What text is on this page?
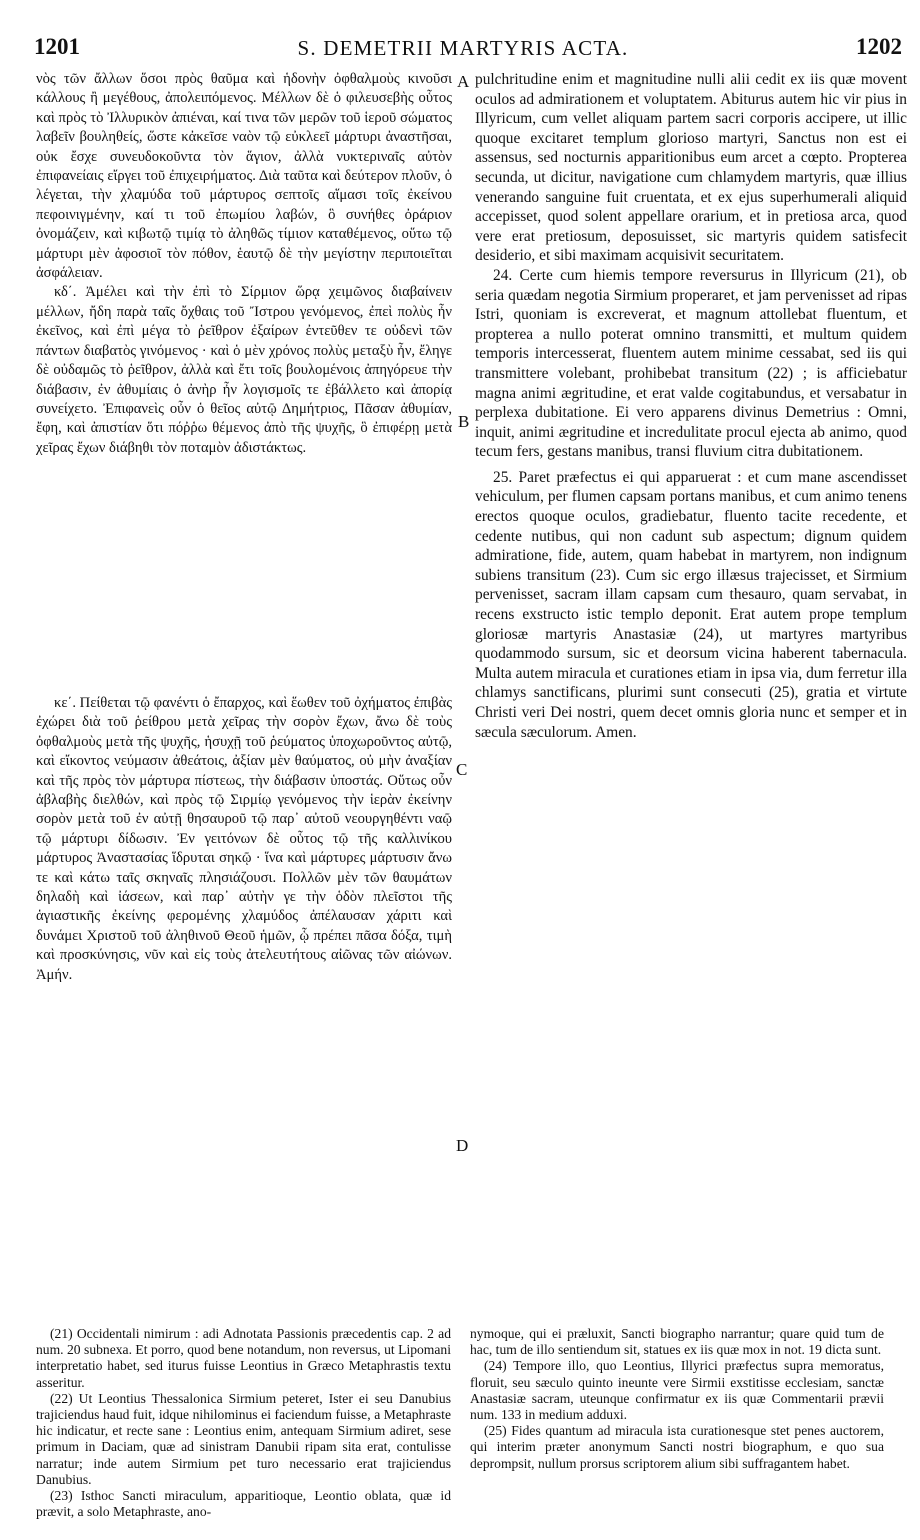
1201	S. DEMETRII MARTYRIS ACTA.	1202

νὸς τῶν ἄλλων ὅσοι πρὸς θαῦμα καὶ ἡδονὴν ὀφθαλμοὺς κινοῦσι κάλλους ἢ μεγέθους, ἀπολειπόμενος. Μέλλων δὲ ὁ φιλευσεβὴς οὗτος καὶ πρὸς τὸ Ἰλλυρικὸν ἀπιέναι, καί τινα τῶν μερῶν τοῦ ἱεροῦ σώματος λαβεῖν βουληθείς, ὥστε κἀκεῖσε ναὸν τῷ εὐκλεεῖ μάρτυρι ἀναστῆσαι, οὐκ ἔσχε συνευδοκοῦντα τὸν ἅγιον, ἀλλὰ νυκτεριναῖς αὐτὸν ἐπιφανείαις εἴργει τοῦ ἐπιχειρήματος. Διὰ ταῦτα καὶ δεύτερον πλοῦν, ὁ λέγεται, τὴν χλαμύδα τοῦ μάρτυρος σεπτοῖς αἵμασι τοῖς ἐκείνου πεφοινιγμένην, καί τι τοῦ ἐπωμίου λαβών, ὃ συνήθες ὀράριον ὀνομάζειν, καὶ κιβωτῷ τιμίᾳ τὸ ἀληθῶς τίμιον καταθέμενος, οὕτω τῷ μάρτυρι μὲν ἀφοσιοῖ τὸν πόθον, ἑαυτῷ δὲ τὴν μεγίστην περιποιεῖται ἀσφάλειαν.

κδ΄. Ἀμέλει καὶ τὴν ἐπὶ τὸ Σίρμιον ὥρᾳ χειμῶνος διαβαίνειν μέλλων, ἤδη παρὰ ταῖς ὄχθαις τοῦ Ἴστρου γενόμενος, ἐπεὶ πολὺς ἦν ἐκεῖνος, καὶ ἐπὶ μέγα τὸ ῥεῖθρον ἐξαίρων ἐντεῦθεν τε οὐδενὶ τῶν πάντων διαβατὸς γινόμενος · καὶ ὁ μὲν χρόνος πολὺς μεταξὺ ἦν, ἔληγε δὲ οὐδαμῶς τὸ ῥεῖθρον, ἀλλὰ καὶ ἔτι τοῖς βουλομένοις ἀπηγόρευε τὴν διάβασιν, ἐν ἀθυμίαις ὁ ἀνὴρ ἦν λογισμοῖς τε ἐβάλλετο καὶ ἀπορίᾳ συνείχετο. Ἐπιφανεὶς οὖν ὁ θεῖος αὐτῷ Δημήτριος, Πᾶσαν ἀθυμίαν, ἔφη, καὶ ἀπιστίαν ὅτι πόῤῥω θέμενος ἀπὸ τῆς ψυχῆς, ὃ ἐπιφέρῃ μετὰ χεῖρας ἔχων διάβηθι τὸν ποταμὸν ἀδιστάκτως.

κε΄. Πείθεται τῷ φανέντι ὁ ἔπαρχος, καὶ ἕωθεν τοῦ ὀχήματος ἐπιβὰς ἐχώρει διὰ τοῦ ῥείθρου μετὰ χεῖρας τὴν σορὸν ἔχων, ἄνω δὲ τοὺς ὀφθαλμοὺς μετὰ τῆς ψυχῆς, ἡσυχῇ τοῦ ῥεύματος ὑποχωροῦντος αὐτῷ, καὶ εἴκοντος νεύμασιν ἀθεάτοις, ἀξίαν μὲν θαύματος, οὐ μὴν ἀναξίαν καὶ τῆς πρὸς τὸν μάρτυρα πίστεως, τὴν διάβασιν ὑποστάς. Οὕτως οὖν ἀβλαβὴς διελθών, καὶ πρὸς τῷ Σιρμίῳ γενόμενος τὴν ἱερὰν ἐκείνην σορὸν μετὰ τοῦ ἐν αὐτῇ θησαυροῦ τῷ παρ᾽ αὐτοῦ νεουργηθέντι ναῷ τῷ μάρτυρι δίδωσιν. Ἐν γειτόνων δὲ οὗτος τῷ τῆς καλλινίκου μάρτυρος Ἀναστασίας ἵδρυται σηκῷ · ἵνα καὶ μάρτυρες μάρτυσιν ἄνω τε καὶ κάτω ταῖς σκηναῖς πλησιάζουσι. Πολλῶν μὲν τῶν θαυμάτων δηλαδὴ καὶ ἰάσεων, καὶ παρ᾽ αὐτὴν γε τὴν ὁδὸν πλεῖστοι τῆς ἁγιαστικῆς ἐκείνης φερομένης χλαμύδος ἀπέλαυσαν χάριτι καὶ δυνάμει Χριστοῦ τοῦ ἀληθινοῦ Θεοῦ ἡμῶν, ᾧ πρέπει πᾶσα δόξα, τιμὴ καὶ προσκύνησις, νῦν καὶ εἰς τοὺς ἀτελευτήτους αἰῶνας τῶν αἰώνων. Ἀμήν.

A
B
C
D

pulchritudine enim et magnitudine nulli alii cedit ex iis quæ movent oculos ad admirationem et voluptatem. Abiturus autem hic vir pius in Illyricum, cum vellet aliquam partem sacri corporis accipere, ut illic quoque excitaret templum glorioso martyri, Sanctus non est ei assensus, sed nocturnis apparitionibus eum arcet a cœpto. Propterea secunda, ut dicitur, navigatione cum chlamydem martyris, quæ illius venerando sanguine fuit cruentata, et ex ejus superhumerali aliquid accepisset, quod solent appellare orarium, et in pretiosa arca, quod vere erat pretiosum, deposuisset, sic martyris quidem satisfecit desiderio, et sibi maximam acquisivit securitatem.

24. Certe cum hiemis tempore reversurus in Illyricum (21), ob seria quædam negotia Sirmium properaret, et jam pervenisset ad ripas Istri, quoniam is excreverat, et magnum attollebat fluentum, et propterea a nullo poterat omnino transmitti, et multum quidem temporis intercesserat, fluentem autem minime cessabat, sed iis qui transmittere volebant, prohibebat transitum (22) ; is afficiebatur magna animi ægritudine, et erat valde cogitabundus, et versabatur in perplexa dubitatione. Ei vero apparens divinus Demetrius : Omni, inquit, animi ægritudine et incredulitate procul ejecta ab animo, quod tecum fers, gestans manibus, transi fluvium citra dubitationem.

25. Paret præfectus ei qui apparuerat : et cum mane ascendisset vehiculum, per flumen capsam portans manibus, et cum animo tenens erectos quoque oculos, gradiebatur, fluento tacite recedente, et cedente nutibus, qui non cadunt sub aspectum; dignum quidem admiratione, fide, autem, quam habebat in martyrem, non indignum subiens transitum (23). Cum sic ergo illæsus trajecisset, et Sirmium pervenisset, sacram illam capsam cum thesauro, quam servabat, in recens exstructo istic templo deponit. Erat autem prope templum gloriosæ martyris Anastasiæ (24), ut martyres martyribus quodammodo sursum, sic et deorsum vicina haberent tabernacula. Multa autem miracula et curationes etiam in ipsa via, dum ferretur illa chlamys sanctificans, plurimi sunt consecuti (25), gratia et virtute Christi veri Dei nostri, quem decet omnis gloria nunc et semper et in sæcula sæculorum. Amen.

(21) Occidentali nimirum : adi Adnotata Passionis præcedentis cap. 2 ad num. 20 subnexa. Et porro, quod bene notandum, non reversus, ut Lipomani interpretatio habet, sed iturus fuisse Leontius in Græco Metaphrastis textu asseritur.

(22) Ut Leontius Thessalonica Sirmium peteret, Ister ei seu Danubius trajiciendus haud fuit, idque nihilominus ei faciendum fuisse, a Metaphraste hic indicatur, et recte sane : Leontius enim, antequam Sirmium adiret, sese primum in Daciam, quæ ad sinistram Danubii ripam sita erat, contulisse narratur; inde autem Sirmium pet turo necessario erat trajiciendus Danubius.

(23) Isthoc Sancti miraculum, apparitioque, Leontio oblata, quæ id prævit, a solo Metaphraste, ano-

nymoque, qui ei præluxit, Sancti biographo narrantur; quare quid tum de hac, tum de illo sentiendum sit, statues ex iis quæ mox in not. 19 dicta sunt.

(24) Tempore illo, quo Leontius, Illyrici præfectus supra memoratus, floruit, seu sæculo quinto ineunte vere Sirmii exstitisse ecclesiam, sanctæ Anastasiæ sacram, uteunque confirmatur ex iis quæ Commentarii prævii num. 133 in medium adduxi.

(25) Fides quantum ad miracula ista curationesque stet penes auctorem, qui interim præter anonymum Sancti nostri biographum, e quo sua deprompsit, nullum prorsus scriptorem alium sibi suffragantem habet.
